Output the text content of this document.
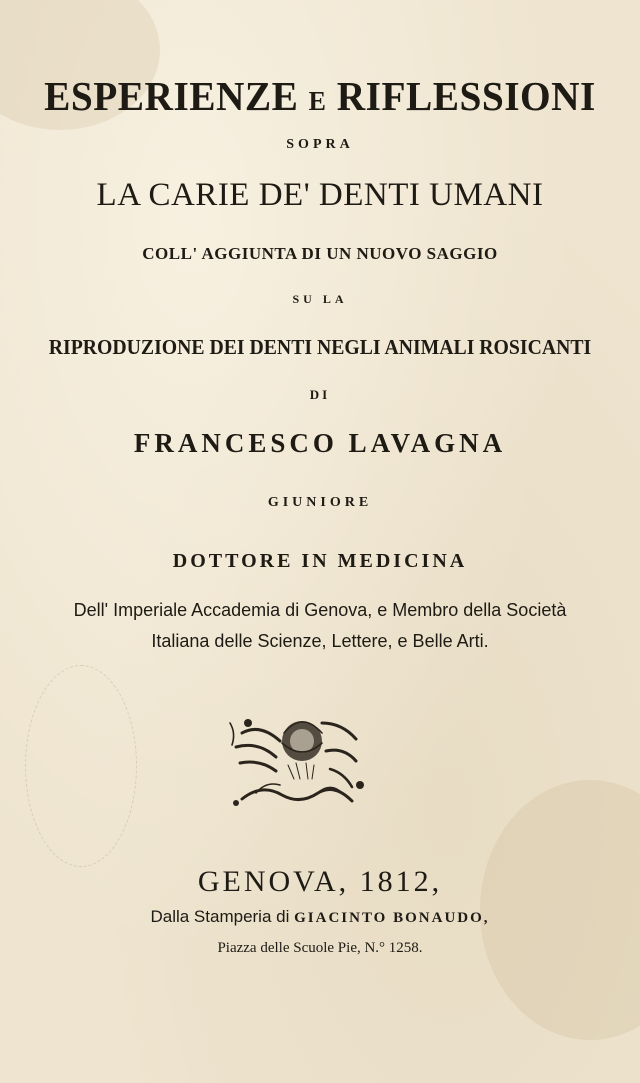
ESPERIENZE E RIFLESSIONI
SOPRA
LA CARIE DE' DENTI UMANI
COLL' AGGIUNTA DI UN NUOVO SAGGIO
SU LA
RIPRODUZIONE DEI DENTI NEGLI ANIMALI ROSICANTI
DI
FRANCESCO LAVAGNA
GIUNIORE
DOTTORE IN MEDICINA
Dell' Imperiale Accademia di Genova, e Membro della Società
Italiana delle Scienze, Lettere, e Belle Arti.
GENOVA, 1812,
Dalla Stamperia di GIACINTO BONAUDO,
Piazza delle Scuole Pie, N.° 1258.
